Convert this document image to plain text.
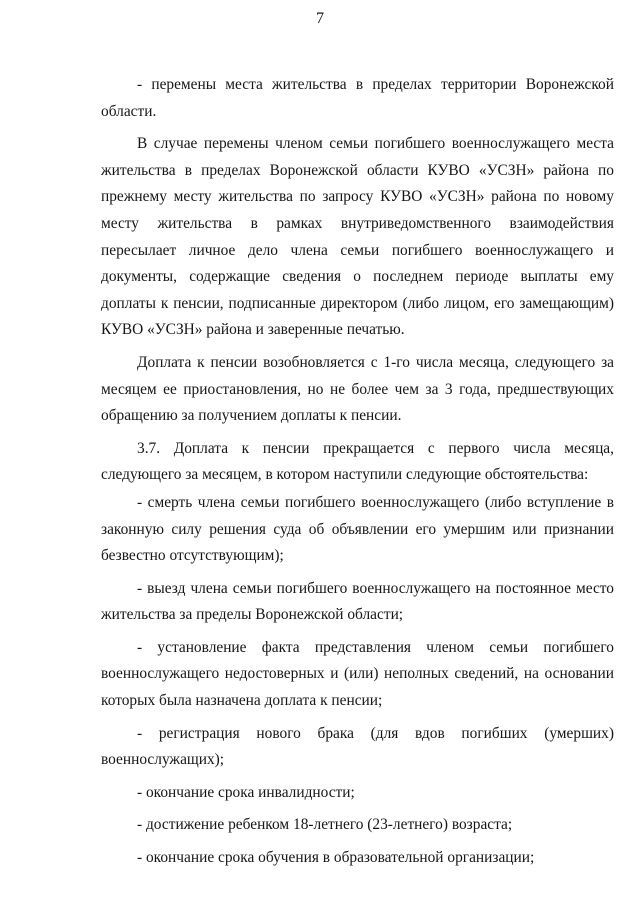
7

- перемены места жительства в пределах территории Воронежской области.

В случае перемены членом семьи погибшего военнослужащего места жительства в пределах Воронежской области КУВО «УСЗН» района по прежнему месту жительства по запросу КУВО «УСЗН» района по новому месту жительства в рамках внутриведомственного взаимодействия пересылает личное дело члена семьи погибшего военнослужащего и документы, содержащие сведения о последнем периоде выплаты ему доплаты к пенсии, подписанные директором (либо лицом, его замещающим) КУВО «УСЗН» района и заверенные печатью.

Доплата к пенсии возобновляется с 1-го числа месяца, следующего за месяцем ее приостановления, но не более чем за 3 года, предшествующих обращению за получением доплаты к пенсии.

3.7. Доплата к пенсии прекращается с первого числа месяца, следующего за месяцем, в котором наступили следующие обстоятельства:

- смерть члена семьи погибшего военнослужащего (либо вступление в законную силу решения суда об объявлении его умершим или признании безвестно отсутствующим);

- выезд члена семьи погибшего военнослужащего на постоянное место жительства за пределы Воронежской области;

- установление факта представления членом семьи погибшего военнослужащего недостоверных и (или) неполных сведений, на основании которых была назначена доплата к пенсии;

- регистрация нового брака (для вдов погибших (умерших) военнослужащих);

- окончание срока инвалидности;

- достижение ребенком 18-летнего (23-летнего) возраста;

- окончание срока обучения в образовательной организации;
